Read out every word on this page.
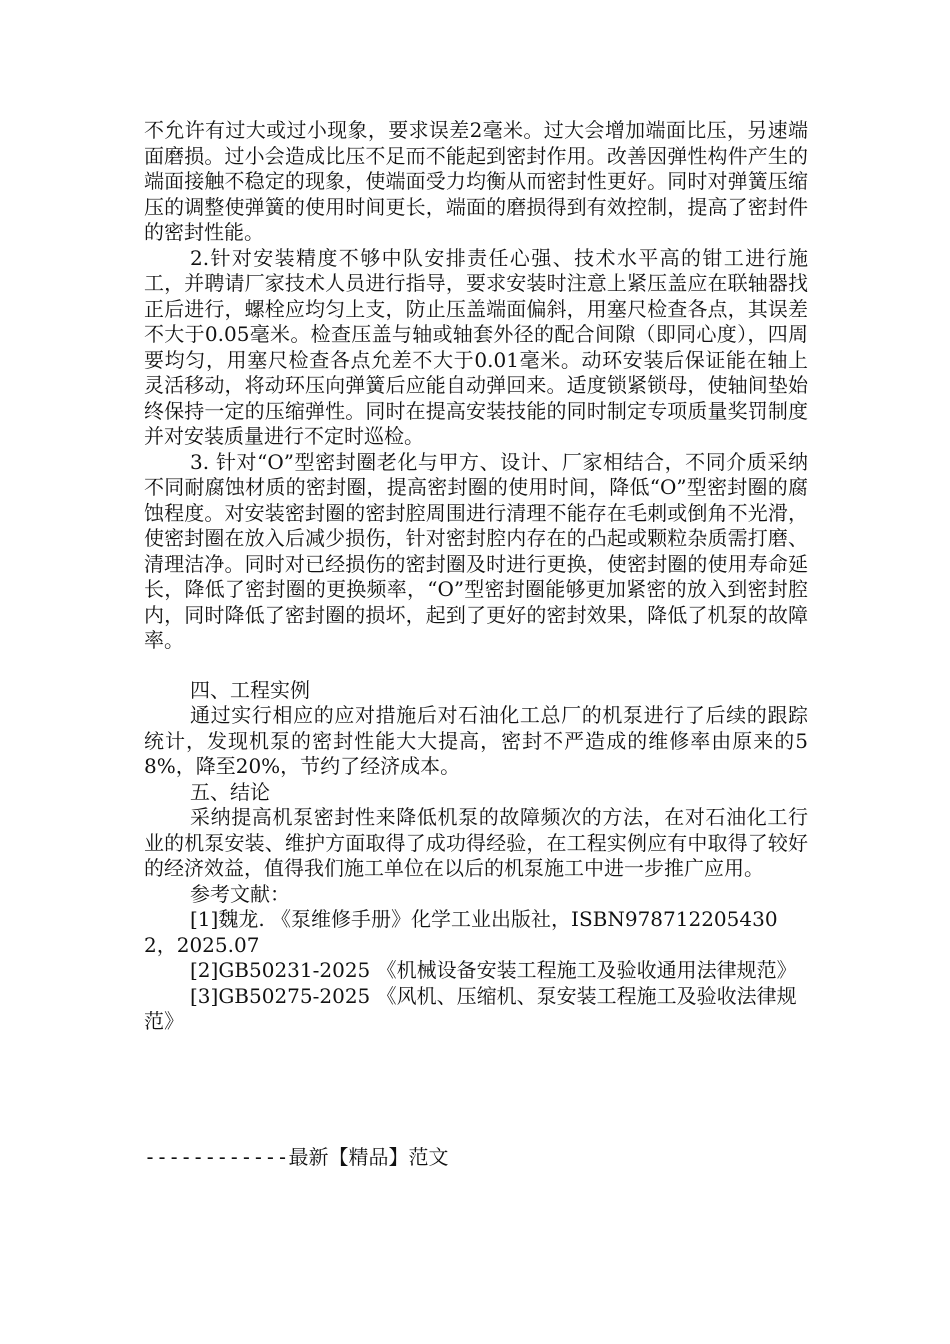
不允许有过大或过小现象，要求误差2毫米。过大会增加端面比压，另速端面磨损。过小会造成比压不足而不能起到密封作用。改善因弹性构件产生的端面接触不稳定的现象，使端面受力均衡从而密封性更好。同时对弹簧压缩压的调整使弹簧的使用时间更长，端面的磨损得到有效控制，提高了密封件的密封性能。

2.针对安装精度不够中队安排责任心强、技术水平高的钳工进行施工，并聘请厂家技术人员进行指导，要求安装时注意上紧压盖应在联轴器找正后进行，螺栓应均匀上支，防止压盖端面偏斜，用塞尺检查各点，其误差不大于0.05毫米。检查压盖与轴或轴套外径的配合间隙（即同心度），四周要均匀，用塞尺检查各点允差不大于0.01毫米。动环安装后保证能在轴上灵活移动，将动环压向弹簧后应能自动弹回来。适度锁紧锁母，使轴间垫始终保持一定的压缩弹性。同时在提高安装技能的同时制定专项质量奖罚制度并对安装质量进行不定时巡检。

3. 针对“O”型密封圈老化与甲方、设计、厂家相结合，不同介质采纳不同耐腐蚀材质的密封圈，提高密封圈的使用时间，降低“O”型密封圈的腐蚀程度。对安装密封圈的密封腔周围进行清理不能存在毛刺或倒角不光滑，使密封圈在放入后减少损伤，针对密封腔内存在的凸起或颗粒杂质需打磨、清理洁净。同时对已经损伤的密封圈及时进行更换，使密封圈的使用寿命延长，降低了密封圈的更换频率，“O”型密封圈能够更加紧密的放入到密封腔内，同时降低了密封圈的损坏，起到了更好的密封效果，降低了机泵的故障率。

四、工程实例

通过实行相应的应对措施后对石油化工总厂的机泵进行了后续的跟踪统计，发现机泵的密封性能大大提高，密封不严造成的维修率由原来的58%，降至20%，节约了经济成本。

五、结论

采纳提高机泵密封性来降低机泵的故障频次的方法，在对石油化工行业的机泵安装、维护方面取得了成功得经验，在工程实例应有中取得了较好的经济效益，值得我们施工单位在以后的机泵施工中进一步推广应用。

参考文献：

[1]魏龙. 《泵维修手册》化学工业出版社，ISBN9787122054302，2025.07

[2]GB50231-2025 《机械设备安装工程施工及验收通用法律规范》

[3]GB50275-2025 《风机、压缩机、泵安装工程施工及验收法律规范》

------------最新【精品】范文
